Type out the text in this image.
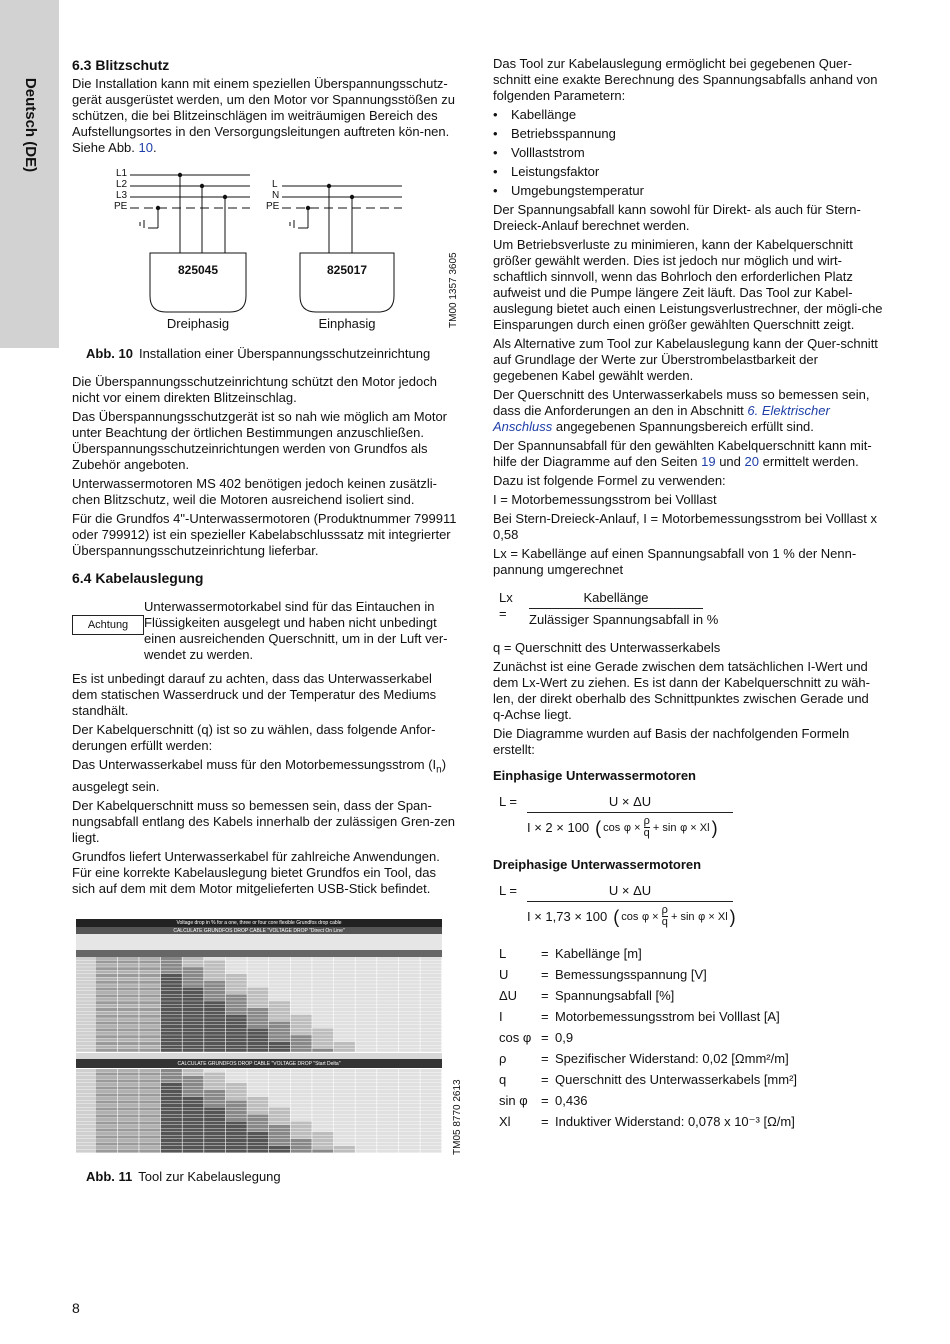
Deutsch (DE)
6.3 Blitzschutz

Die Installation kann mit einem speziellen Überspannungsschutz-gerät ausgerüstet werden, um den Motor vor Spannungsstößen zu schützen, die bei Blitzeinschlägen im weiträumigen Bereich des Aufstellungsortes in den Versorgungsleitungen auftreten kön-nen. Siehe Abb. 10.

L1
L2
L3
PE
L
N
PE
825045	825017
Dreiphasig	Einphasig	TM00 1357 3605
Abb. 10 Installation einer Überspannungsschutzeinrichtung

Die Überspannungsschutzeinrichtung schützt den Motor jedoch nicht vor einem direkten Blitzeinschlag.

Das Überspannungsschutzgerät ist so nah wie möglich am Motor unter Beachtung der örtlichen Bestimmungen anzuschließen. Überspannungsschutzeinrichtungen werden von Grundfos als Zubehör angeboten.

Unterwassermotoren MS 402 benötigen jedoch keinen zusätzli-chen Blitzschutz, weil die Motoren ausreichend isoliert sind.

Für die Grundfos 4"-Unterwassermotoren (Produktnummer 799911 oder 799912) ist ein spezieller Kabelabschlusssatz mit integrierter Überspannungsschutzeinrichtung lieferbar.

6.4 Kabelauslegung
Achtung
Unterwassermotorkabel sind für das Eintauchen in Flüssigkeiten ausgelegt und haben nicht unbedingt einen ausreichenden Querschnitt, um in der Luft ver-wendet zu werden.

Es ist unbedingt darauf zu achten, dass das Unterwasserkabel dem statischen Wasserdruck und der Temperatur des Mediums standhält.

Der Kabelquerschnitt (q) ist so zu wählen, dass folgende Anfor-derungen erfüllt werden:

Das Unterwasserkabel muss für den Motorbemessungsstrom $(I_n)$ ausgelegt sein.

Der Kabelquerschnitt muss so bemessen sein, dass der Span-nungsabfall entlang des Kabels innerhalb der zulässigen Gren-zen liegt.

Grundfos liefert Unterwasserkabel für zahlreiche Anwendungen. Für eine korrekte Kabelauslegung bietet Grundfos ein Tool, das sich auf dem mit dem Motor mitgelieferten USB-Stick befindet.

Voltage drop in % for a one, three or four core flexible Grundfos drop cable
CALCULATE GRUNDFOS DROP CABLE "VOLTAGE DROP "Direct On Line"
CALCULATE GRUNDFOS DROP CABLE "VOLTAGE DROP "Start Delta"
TM05 8770 2613
Abb. 11 Tool zur Kabelauslegung

Das Tool zur Kabelauslegung ermöglicht bei gegebenen Quer-schnitt eine exakte Berechnung des Spannungsabfalls anhand von folgenden Parametern:

• Kabellänge
• Betriebsspannung
• Volllaststrom
• Leistungsfaktor
• Umgebungstemperatur

Der Spannungsabfall kann sowohl für Direkt- als auch für Stern-Dreieck-Anlauf berechnet werden.

Um Betriebsverluste zu minimieren, kann der Kabelquerschnitt größer gewählt werden. Dies ist jedoch nur möglich und wirt-schaftlich sinnvoll, wenn das Bohrloch den erforderlichen Platz aufweist und die Pumpe längere Zeit läuft. Das Tool zur Kabel-auslegung bietet auch einen Leistungsverlustrechner, der mögli-che Einsparungen durch einen größer gewählten Querschnitt zeigt.

Als Alternative zum Tool zur Kabelauslegung kann der Quer-schnitt auf Grundlage der Werte zur Überstrombelastbarkeit der gegebenen Kabel gewählt werden.

Der Querschnitt des Unterwasserkabels muss so bemessen sein, dass die Anforderungen an den in Abschnitt 6. Elektrischer Anschluss angegebenen Spannungsbereich erfüllt sind.

Der Spannunsabfall für den gewählten Kabelquerschnitt kann mit-hilfe der Diagramme auf den Seiten 19 und 20 ermittelt werden.

Dazu ist folgende Formel zu verwenden:

I = Motorbemessungsstrom bei Volllast

Bei Stern-Dreieck-Anlauf, I = Motorbemessungsstrom bei Volllast x 0,58

Lx = Kabellänge auf einen Spannungsabfall von 1 % der Nenn-pannung umgerechnet

Lx =	$\frac{\text{Kabellänge}}{\text{Zulässiger Spannungsabfall in \%}}$

q = Querschnitt des Unterwasserkabels

Zunächst ist eine Gerade zwischen dem tatsächlichen I-Wert und dem Lx-Wert zu ziehen. Es ist dann der Kabelquerschnitt zu wäh-len, der direkt oberhalb des Schnittpunktes zwischen Gerade und q-Achse liegt.

Die Diagramme wurden auf Basis der nachfolgenden Formeln erstellt:

Einphasige Unterwassermotoren

L =	U × ΔU
I × 2 × 100 ( cos
$\varphi \times \frac{\rho}{q} + \sin$
φ × Xl )

Dreiphasige Unterwassermotoren

L =	U × ΔU
I × 1,73 × 100 ( cos
$\varphi \times \frac{\rho}{q} + \sin$
φ × Xl )
L	= Kabellänge [m]
U	= Bemessungsspannung [V]
ΔU	= Spannungsabfall [%]
I	= Motorbemessungsstrom bei Volllast [A]
cos φ = 0,9
ρ	= Spezifischer Widerstand: 0,02 [Ωmm²/m]
q	= Querschnitt des Unterwasserkabels [mm²]
sin φ	= 0,436
Xl	= Induktiver Widerstand: 0,078 x 10⁻³ [Ω/m]
8
